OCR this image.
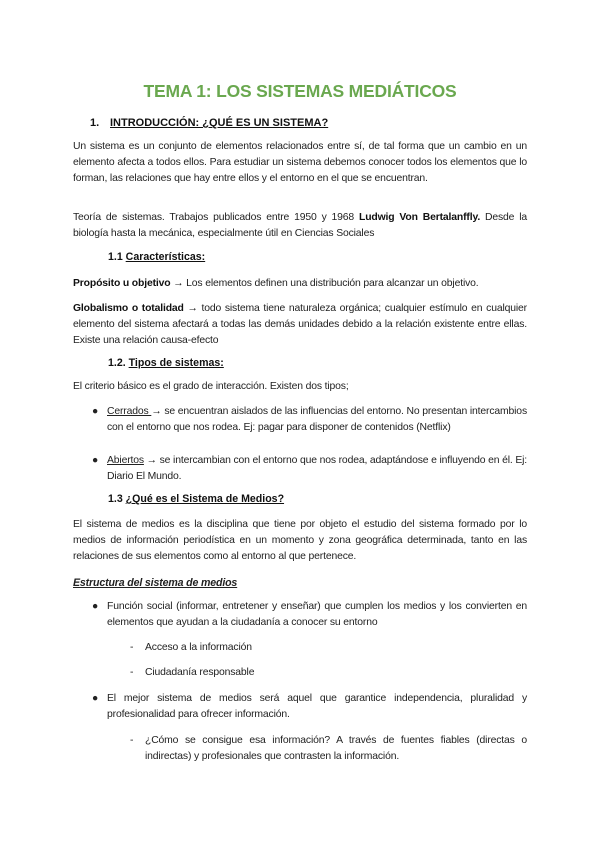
TEMA 1: LOS SISTEMAS MEDIÁTICOS
1. INTRODUCCIÓN: ¿QUÉ ES UN SISTEMA?
Un sistema es un conjunto de elementos relacionados entre sí, de tal forma que un cambio en un elemento afecta a todos ellos. Para estudiar un sistema debemos conocer todos los elementos que lo forman, las relaciones que hay entre ellos y el entorno en el que se encuentran.
Teoría de sistemas. Trabajos publicados entre 1950 y 1968 Ludwig Von Bertalanffly. Desde la biología hasta la mecánica, especialmente útil en Ciencias Sociales
1.1 Características:
Propósito u objetivo → Los elementos definen una distribución para alcanzar un objetivo.
Globalismo o totalidad → todo sistema tiene naturaleza orgánica; cualquier estímulo en cualquier elemento del sistema afectará a todas las demás unidades debido a la relación existente entre ellas. Existe una relación causa-efecto
1.2. Tipos de sistemas:
El criterio básico es el grado de interacción. Existen dos tipos;
● Cerrados → se encuentran aislados de las influencias del entorno. No presentan intercambios con el entorno que nos rodea. Ej: pagar para disponer de contenidos (Netflix)
● Abiertos → se intercambian con el entorno que nos rodea, adaptándose e influyendo en él. Ej: Diario El Mundo.
1.3 ¿Qué es el Sistema de Medios?
El sistema de medios es la disciplina que tiene por objeto el estudio del sistema formado por lo medios de información periodística en un momento y zona geográfica determinada, tanto en las relaciones de sus elementos como al entorno al que pertenece.
Estructura del sistema de medios
● Función social (informar, entretener y enseñar) que cumplen los medios y los convierten en elementos que ayudan a la ciudadanía a conocer su entorno
- Acceso a la información
- Ciudadanía responsable
● El mejor sistema de medios será aquel que garantice independencia, pluralidad y profesionalidad para ofrecer información.
- ¿Cómo se consigue esa información? A través de fuentes fiables (directas o indirectas) y profesionales que contrasten la información.
